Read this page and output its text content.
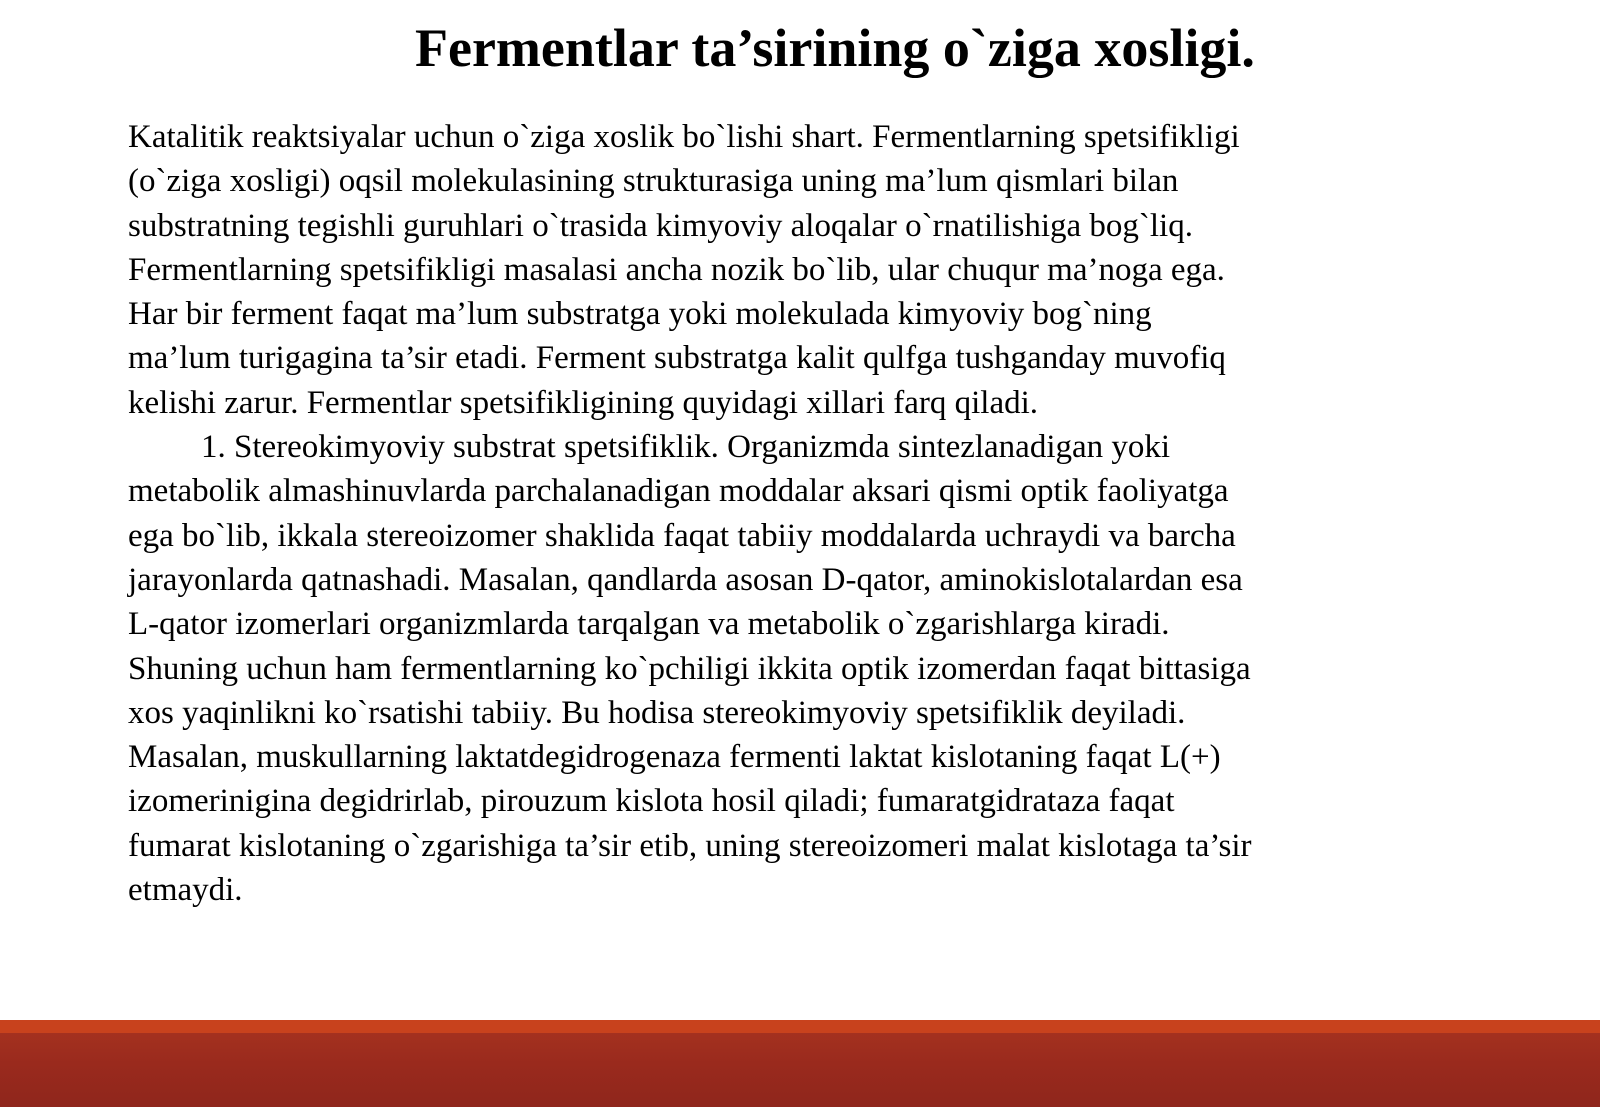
Fermentlar ta’sirining o`ziga xosligi.
Katalitik reaktsiyalar uchun o`ziga xoslik bo`lishi shart. Fermentlarning spetsifikligi
(o`ziga xosligi) oqsil molekulasining strukturasiga uning ma’lum qismlari bilan
substratning tegishli guruhlari o`trasida kimyoviy aloqalar o`rnatilishiga bog`liq.
Fermentlarning spetsifikligi masalasi ancha nozik bo`lib, ular chuqur ma’noga ega.
Har bir ferment faqat ma’lum substratga yoki molekulada kimyoviy bog`ning
ma’lum turigagina ta’sir etadi. Ferment substratga kalit qulfga tushganday muvofiq
kelishi zarur. Fermentlar spetsifikligining quyidagi xillari farq qiladi.
1. Stereokimyoviy substrat spetsifiklik. Organizmda sintezlanadigan yoki
metabolik almashinuvlarda parchalanadigan moddalar aksari qismi optik faoliyatga
ega bo`lib, ikkala stereoizomer shaklida faqat tabiiy moddalarda uchraydi va barcha
jarayonlarda qatnashadi. Masalan, qandlarda asosan D-qator, aminokislotalardan esa
L-qator izomerlari organizmlarda tarqalgan va metabolik o`zgarishlarga kiradi.
Shuning uchun ham fermentlarning ko`pchiligi ikkita optik izomerdan faqat bittasiga
xos yaqinlikni ko`rsatishi tabiiy. Bu hodisa stereokimyoviy spetsifiklik deyiladi.
Masalan, muskullarning laktatdegidrogenaza fermenti laktat kislotaning faqat L(+)
izomerinigina degidrirlab, pirouzum kislota hosil qiladi; fumaratgidrataza faqat
fumarat kislotaning o`zgarishiga ta’sir etib, uning stereoizomeri malat kislotaga ta’sir
etmaydi.
